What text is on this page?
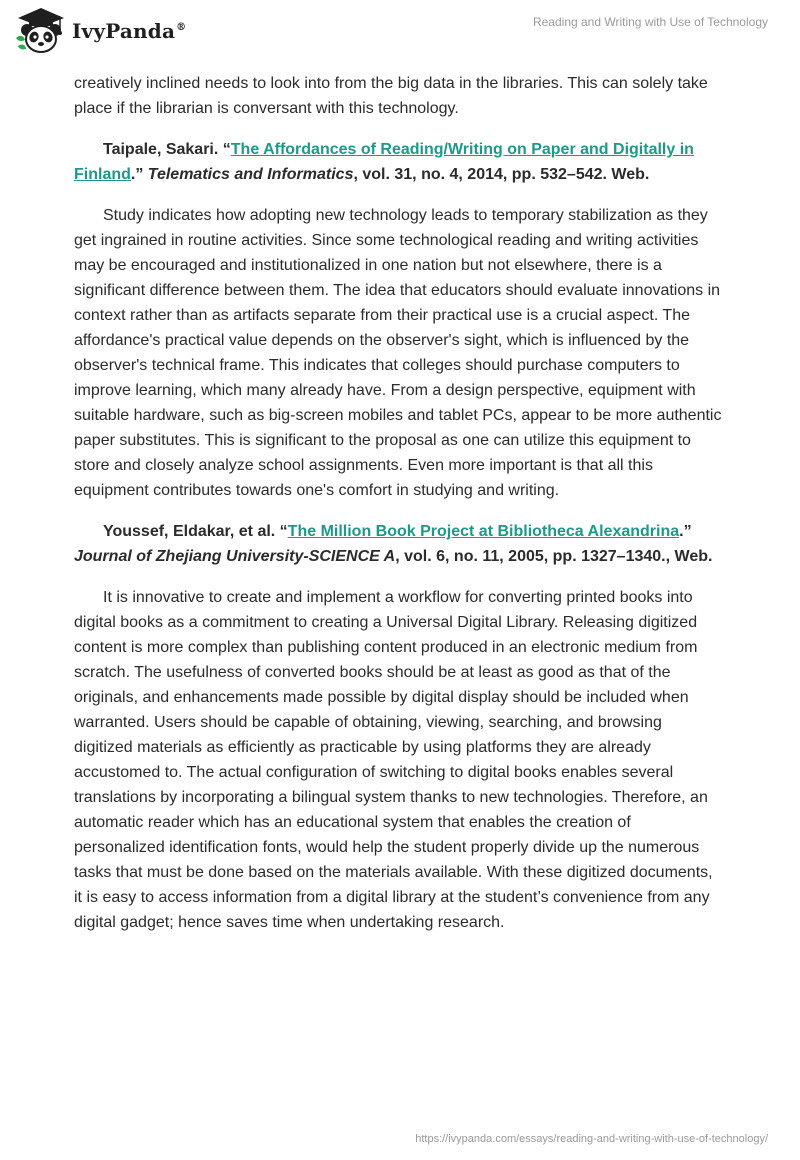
IvyPanda®	Reading and Writing with Use of Technology

creatively inclined needs to look into from the big data in the libraries. This can solely take place if the librarian is conversant with this technology.

Taipale, Sakari. “The Affordances of Reading/Writing on Paper and Digitally in Finland.” Telematics and Informatics, vol. 31, no. 4, 2014, pp. 532–542. Web.

Study indicates how adopting new technology leads to temporary stabilization as they get ingrained in routine activities. Since some technological reading and writing activities may be encouraged and institutionalized in one nation but not elsewhere, there is a significant difference between them. The idea that educators should evaluate innovations in context rather than as artifacts separate from their practical use is a crucial aspect. The affordance's practical value depends on the observer's sight, which is influenced by the observer's technical frame. This indicates that colleges should purchase computers to improve learning, which many already have. From a design perspective, equipment with suitable hardware, such as big-screen mobiles and tablet PCs, appear to be more authentic paper substitutes. This is significant to the proposal as one can utilize this equipment to store and closely analyze school assignments. Even more important is that all this equipment contributes towards one's comfort in studying and writing.

Youssef, Eldakar, et al. “The Million Book Project at Bibliotheca Alexandrina.” Journal of Zhejiang University-SCIENCE A, vol. 6, no. 11, 2005, pp. 1327–1340., Web.

It is innovative to create and implement a workflow for converting printed books into digital books as a commitment to creating a Universal Digital Library. Releasing digitized content is more complex than publishing content produced in an electronic medium from scratch. The usefulness of converted books should be at least as good as that of the originals, and enhancements made possible by digital display should be included when warranted. Users should be capable of obtaining, viewing, searching, and browsing digitized materials as efficiently as practicable by using platforms they are already accustomed to. The actual configuration of switching to digital books enables several translations by incorporating a bilingual system thanks to new technologies. Therefore, an automatic reader which has an educational system that enables the creation of personalized identification fonts, would help the student properly divide up the numerous tasks that must be done based on the materials available. With these digitized documents, it is easy to access information from a digital library at the student’s convenience from any digital gadget; hence saves time when undertaking research.

https://ivypanda.com/essays/reading-and-writing-with-use-of-technology/
